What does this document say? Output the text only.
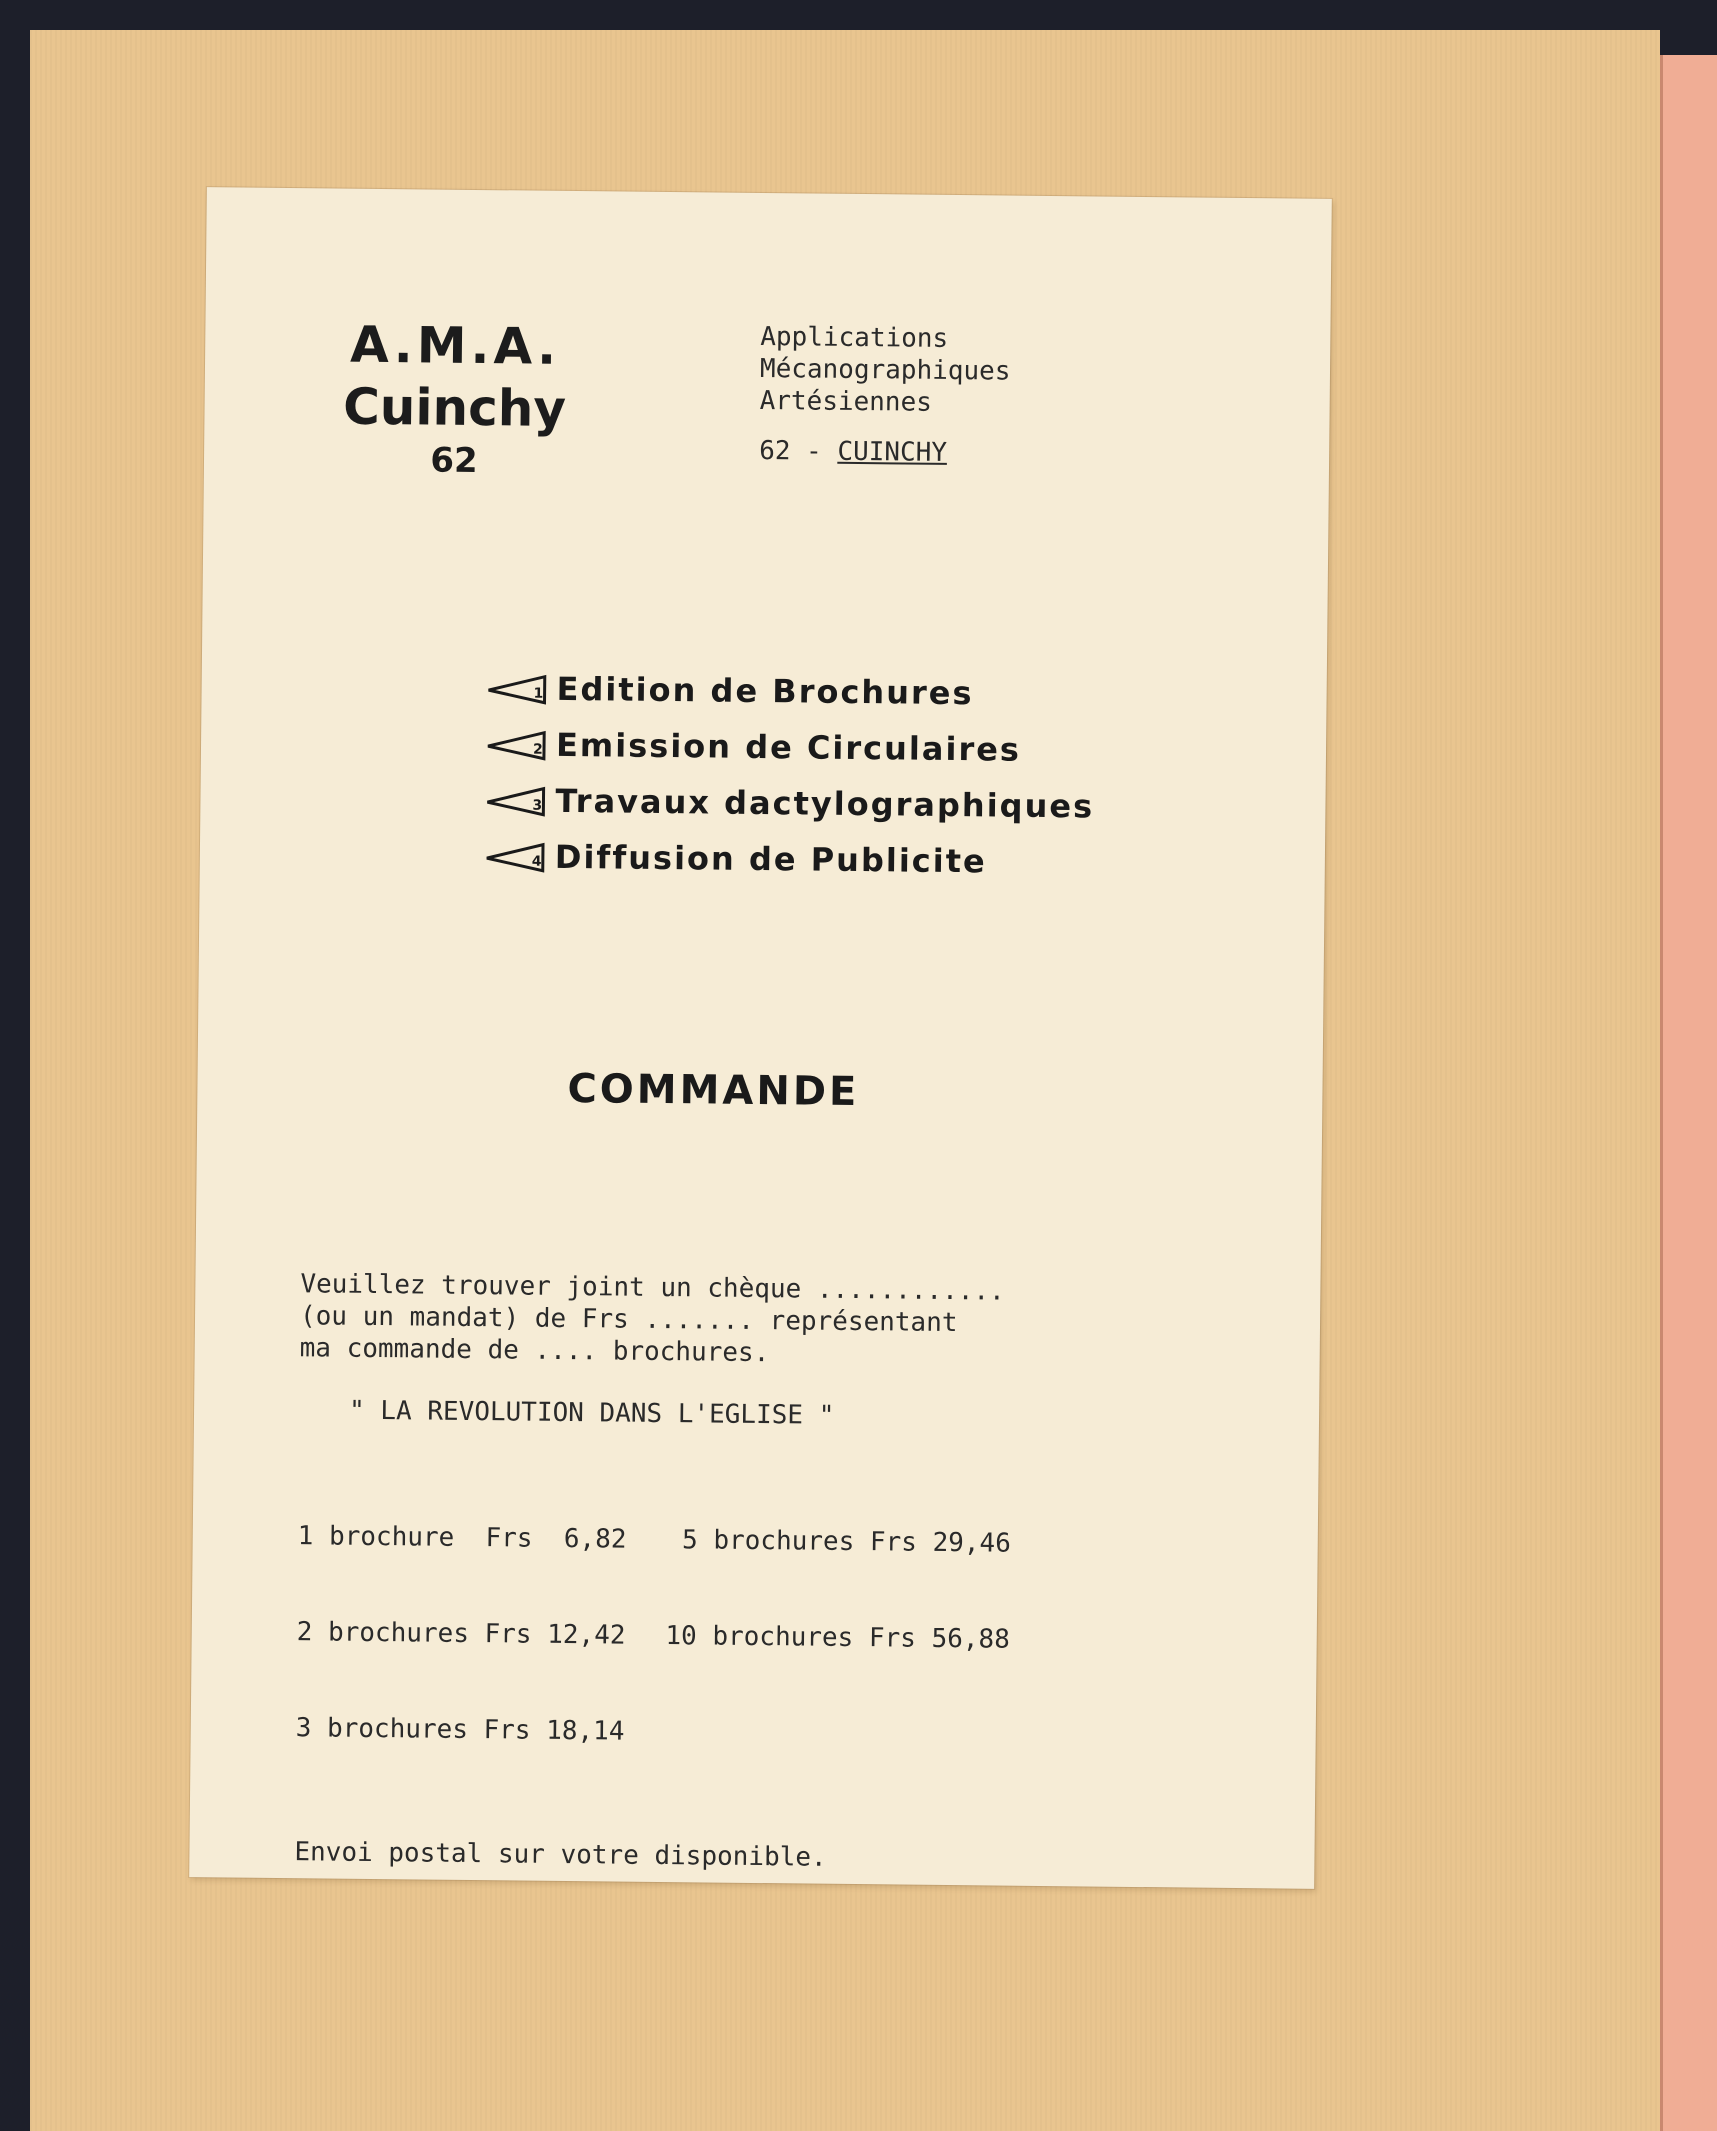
A.M.A.
Cuinchy
62
Applications
Mécanographiques
Artésiennes
62 - CUINCHY
1 Edition de Brochures
2 Emission de Circulaires
3 Travaux dactylographiques
4 Diffusion de Publicite
COMMANDE

Veuillez trouver joint un chèque ............

(ou un mandat) de Frs ....... représentant

ma commande de .... brochures.

" LA REVOLUTION DANS L'EGLISE "

1 brochure  Frs  6,82

2 brochures Frs 12,42

3 brochures Frs 18,14

5 brochures Frs 29,46

10 brochures Frs 56,88

Envoi postal sur votre disponible.
